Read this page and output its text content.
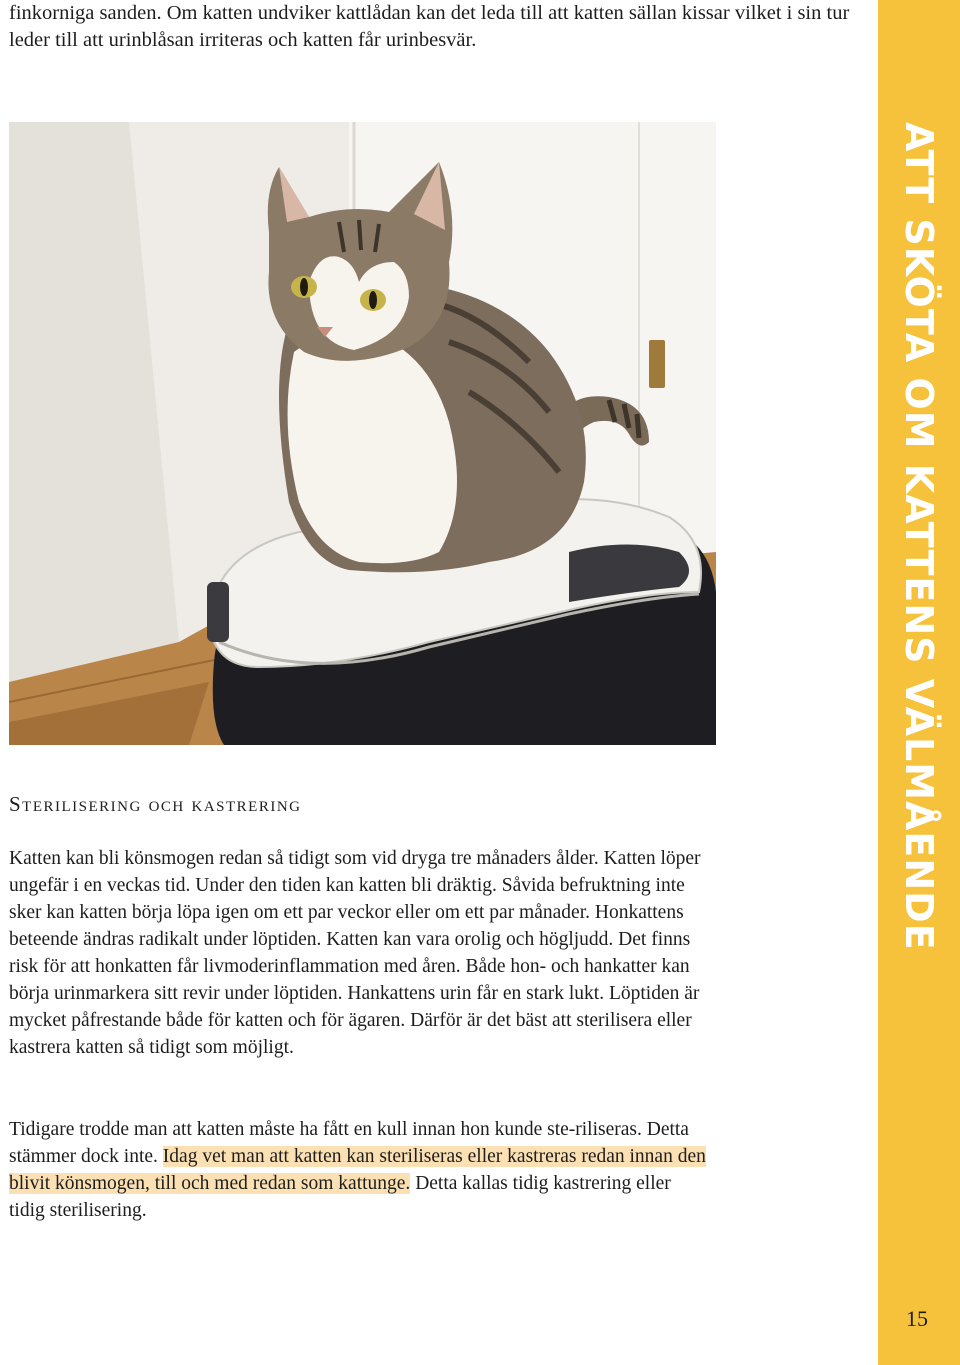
ATT SKÖTA OM KATTENS VÄLMÅENDE
15

finkorniga sanden. Om katten undviker kattlådan kan det leda till att katten sällan kissar vilket i sin tur leder till att urinblåsan irriteras och katten får urinbesvär.

Sterilisering och kastrering

Katten kan bli könsmogen redan så tidigt som vid dryga tre månaders ålder. Katten löper ungefär i en veckas tid. Under den tiden kan katten bli dräktig. Såvida befruktning inte sker kan katten börja löpa igen om ett par veckor eller om ett par månader. Honkattens beteende ändras radikalt under löptiden. Katten kan vara orolig och högljudd. Det finns risk för att honkatten får livmoderinflammation med åren. Både hon- och hankatter kan börja urinmarkera sitt revir under löptiden. Hankattens urin får en stark lukt. Löptiden är mycket påfrestande både för katten och för ägaren. Därför är det bäst att sterilisera eller kastrera katten så tidigt som möjligt.

Tidigare trodde man att katten måste ha fått en kull innan hon kunde ste-riliseras. Detta stämmer dock inte. Idag vet man att katten kan steriliseras eller kastreras redan innan den blivit könsmogen, till och med redan som kattunge. Detta kallas tidig kastrering eller tidig sterilisering.
